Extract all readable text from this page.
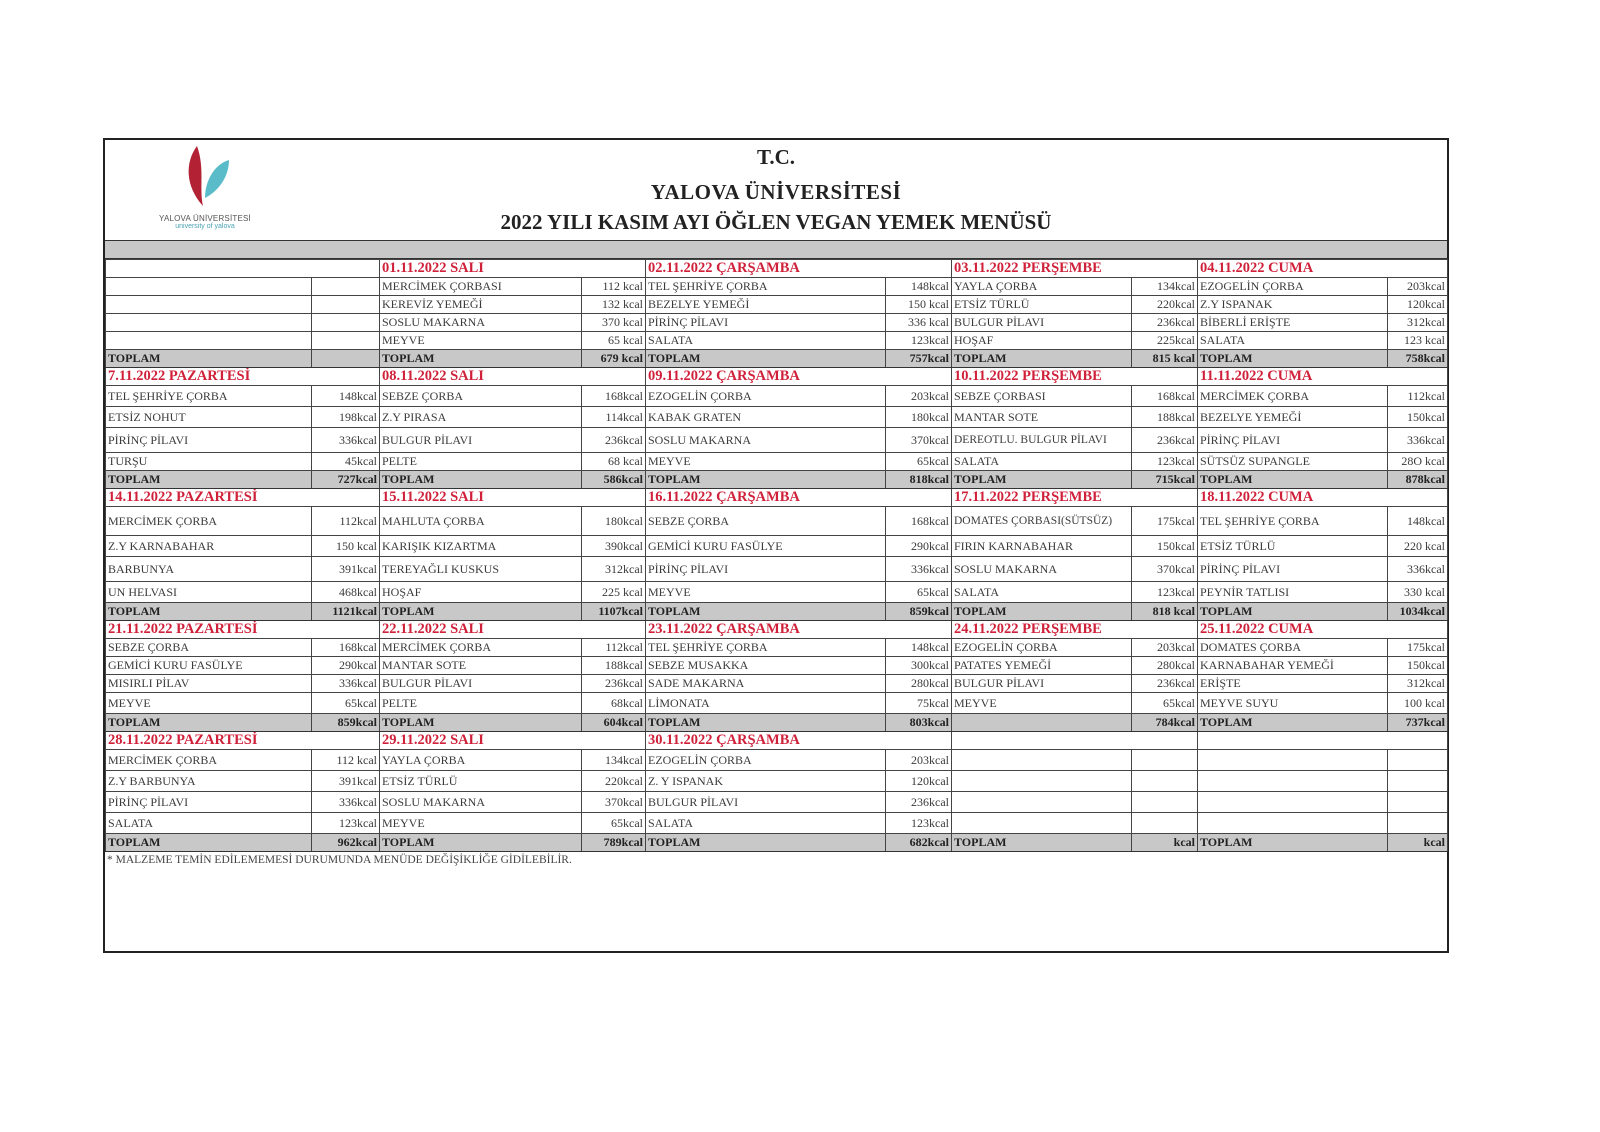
YALOVA ÜNİVERSİTESİ
university of yalova
T.C.
YALOVA ÜNİVERSİTESİ
2022 YILI KASIM AYI ÖĞLEN VEGAN YEMEK MENÜSÜ
		01.11.2022 SALI		02.11.2022 ÇARŞAMBA		03.11.2022 PERŞEMBE		04.11.2022 CUMA	
		MERCİMEK ÇORBASI	112 kcal	TEL ŞEHRİYE ÇORBA	148kcal	YAYLA ÇORBA	134kcal	EZOGELİN ÇORBA	203kcal
		KEREVİZ YEMEĞİ	132 kcal	BEZELYE YEMEĞİ	150 kcal	ETSİZ TÜRLÜ	220kcal	Z.Y ISPANAK	120kcal
		SOSLU MAKARNA	370 kcal	PİRİNÇ PİLAVI	336 kcal	BULGUR PİLAVI	236kcal	BİBERLİ ERİŞTE	312kcal
		MEYVE	65 kcal	SALATA	123kcal	HOŞAF	225kcal	SALATA	123 kcal
TOPLAM		TOPLAM	679 kcal	TOPLAM	757kcal	TOPLAM	815 kcal	TOPLAM	758kcal
7.11.2022 PAZARTESİ		08.11.2022 SALI		09.11.2022 ÇARŞAMBA		10.11.2022 PERŞEMBE		11.11.2022 CUMA	
TEL ŞEHRİYE ÇORBA	148kcal	SEBZE ÇORBA	168kcal	EZOGELİN ÇORBA	203kcal	SEBZE ÇORBASI	168kcal	MERCİMEK ÇORBA	112kcal
ETSİZ NOHUT	198kcal	Z.Y PIRASA	114kcal	KABAK GRATEN	180kcal	MANTAR SOTE	188kcal	BEZELYE YEMEĞİ	150kcal
PİRİNÇ PİLAVI	336kcal	BULGUR PİLAVI	236kcal	SOSLU MAKARNA	370kcal	DEREOTLU. BULGUR PİLAVI	236kcal	PİRİNÇ PİLAVI	336kcal
TURŞU	45kcal	PELTE	68 kcal	MEYVE	65kcal	SALATA	123kcal	SÜTSÜZ SUPANGLE	28O kcal
TOPLAM	727kcal	TOPLAM	586kcal	TOPLAM	818kcal	TOPLAM	715kcal	TOPLAM	878kcal
14.11.2022 PAZARTESİ		15.11.2022 SALI		16.11.2022 ÇARŞAMBA		17.11.2022 PERŞEMBE		18.11.2022 CUMA	
MERCİMEK ÇORBA	112kcal	MAHLUTA ÇORBA	180kcal	SEBZE ÇORBA	168kcal	DOMATES ÇORBASI(SÜTSÜZ)	175kcal	TEL ŞEHRİYE ÇORBA	148kcal
Z.Y KARNABAHAR	150 kcal	KARIŞIK KIZARTMA	390kcal	GEMİCİ KURU FASÜLYE	290kcal	FIRIN KARNABAHAR	150kcal	ETSİZ TÜRLÜ	220 kcal
BARBUNYA	391kcal	TEREYAĞLI KUSKUS	312kcal	PİRİNÇ PİLAVI	336kcal	SOSLU MAKARNA	370kcal	PİRİNÇ PİLAVI	336kcal
UN HELVASI	468kcal	HOŞAF	225 kcal	MEYVE	65kcal	SALATA	123kcal	PEYNİR TATLISI	330 kcal
TOPLAM	1121kcal	TOPLAM	1107kcal	TOPLAM	859kcal	TOPLAM	818 kcal	TOPLAM	1034kcal
21.11.2022 PAZARTESİ		22.11.2022 SALI		23.11.2022 ÇARŞAMBA		24.11.2022 PERŞEMBE		25.11.2022 CUMA	
SEBZE ÇORBA	168kcal	MERCİMEK ÇORBA	112kcal	TEL ŞEHRİYE ÇORBA	148kcal	EZOGELİN ÇORBA	203kcal	DOMATES ÇORBA	175kcal
GEMİCİ KURU FASÜLYE	290kcal	MANTAR SOTE	188kcal	SEBZE MUSAKKA	300kcal	PATATES YEMEĞİ	280kcal	KARNABAHAR YEMEĞİ	150kcal
MISIRLI PİLAV	336kcal	BULGUR PİLAVI	236kcal	SADE MAKARNA	280kcal	BULGUR PİLAVI	236kcal	ERİŞTE	312kcal
MEYVE	65kcal	PELTE	68kcal	LİMONATA	75kcal	MEYVE	65kcal	MEYVE SUYU	100 kcal
TOPLAM	859kcal	TOPLAM	604kcal	TOPLAM	803kcal		784kcal	TOPLAM	737kcal
28.11.2022 PAZARTESİ		29.11.2022 SALI		30.11.2022 ÇARŞAMBA					
MERCİMEK ÇORBA	112 kcal	YAYLA ÇORBA	134kcal	EZOGELİN ÇORBA	203kcal				
Z.Y BARBUNYA	391kcal	ETSİZ TÜRLÜ	220kcal	Z. Y ISPANAK	120kcal				
PİRİNÇ PİLAVI	336kcal	SOSLU MAKARNA	370kcal	BULGUR PİLAVI	236kcal				
SALATA	123kcal	MEYVE	65kcal	SALATA	123kcal				
TOPLAM	962kcal	TOPLAM	789kcal	TOPLAM	682kcal	TOPLAM	kcal	TOPLAM	kcal
* MALZEME TEMİN EDİLEMEMESİ DURUMUNDA MENÜDE DEĞİŞİKLİĞE GİDİLEBİLİR.
